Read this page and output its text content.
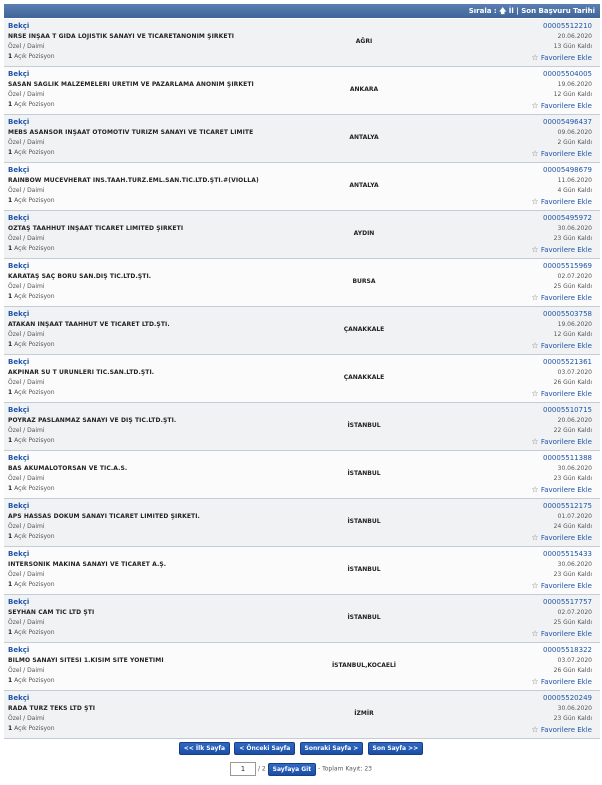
Sırala : 🡅 İl | Son Başvuru Tarihi
Bekçi
NRSE İNŞAA T GIDA LOJİSTİK SANAYİ VE TİCARETANONİM ŞİRKETİ
Özel / Daimi
1 Açık Pozisyon
AĞRI
00005512210
20.06.2020
13 Gün Kaldı
☆ Favorilere Ekle
Bekçi
SASAN SAĞLIK MALZEMELERİ ÜRETİM VE PAZARLAMA ANONİM ŞİRKETİ
Özel / Daimi
1 Açık Pozisyon
ANKARA
00005504005
19.06.2020
12 Gün Kaldı
☆ Favorilere Ekle
Bekçi
MEBS ASANSÖR İNŞAAT OTOMOTİV TURİZM SANAYİ VE TİCARET LİMİTE
Özel / Daimi
1 Açık Pozisyon
ANTALYA
00005496437
09.06.2020
2 Gün Kaldı
☆ Favorilere Ekle
Bekçi
RAINBOW MÜCEVHERAT İNS.TAAH.TURZ.EML.SAN.TİC.LTD.ŞTİ.#(VİOLLA)
Özel / Daimi
1 Açık Pozisyon
ANTALYA
00005498679
11.06.2020
4 Gün Kaldı
☆ Favorilere Ekle
Bekçi
ÖZTAŞ TAAHHÜT İNŞAAT TİCARET LİMİTED ŞİRKETİ
Özel / Daimi
1 Açık Pozisyon
AYDIN
00005495972
30.06.2020
23 Gün Kaldı
☆ Favorilere Ekle
Bekçi
KARATAŞ SAÇ BORU SAN.DIŞ TİC.LTD.ŞTİ.
Özel / Daimi
1 Açık Pozisyon
BURSA
00005515969
02.07.2020
25 Gün Kaldı
☆ Favorilere Ekle
Bekçi
ATAKAN İNŞAAT TAAHHÜT VE TİCARET LTD.ŞTİ.
Özel / Daimi
1 Açık Pozisyon
ÇANAKKALE
00005503758
19.06.2020
12 Gün Kaldı
☆ Favorilere Ekle
Bekçi
AKPINAR SÜ T ÜRÜNLERİ TİC.SAN.LTD.ŞTİ.
Özel / Daimi
1 Açık Pozisyon
ÇANAKKALE
00005521361
03.07.2020
26 Gün Kaldı
☆ Favorilere Ekle
Bekçi
POYRAZ PASLANMAZ SANAYİ VE DIŞ TİC.LTD.ŞTİ.
Özel / Daimi
1 Açık Pozisyon
İSTANBUL
00005510715
20.06.2020
22 Gün Kaldı
☆ Favorilere Ekle
Bekçi
BAS AKÜMALÖTÖRSAN VE TİC.A.S.
Özel / Daimi
1 Açık Pozisyon
İSTANBUL
00005511388
30.06.2020
23 Gün Kaldı
☆ Favorilere Ekle
Bekçi
APS HASSAS DÖKÜM SANAYİ TİCARET LİMİTED ŞİRKETİ.
Özel / Daimi
1 Açık Pozisyon
İSTANBUL
00005512175
01.07.2020
24 Gün Kaldı
☆ Favorilere Ekle
Bekçi
İNTERSONİK MAKİNA SANAYİ VE TİCARET A.Ş.
Özel / Daimi
1 Açık Pozisyon
İSTANBUL
00005515433
30.06.2020
23 Gün Kaldı
☆ Favorilere Ekle
Bekçi
SEYHAN CAM TİC LTD ŞTİ
Özel / Daimi
1 Açık Pozisyon
İSTANBUL
00005517757
02.07.2020
25 Gün Kaldı
☆ Favorilere Ekle
Bekçi
BİLMO SANAYİ SİTESİ 1.KISIM SİTE YÖNETİMİ
Özel / Daimi
1 Açık Pozisyon
İSTANBUL,KOCAELİ
00005518322
03.07.2020
26 Gün Kaldı
☆ Favorilere Ekle
Bekçi
RADA TURZ TEKS LTD ŞTİ
Özel / Daimi
1 Açık Pozisyon
İZMİR
00005520249
30.06.2020
23 Gün Kaldı
☆ Favorilere Ekle
<< İlk Sayfa < Önceki Sayfa Sonraki Sayfa > Son Sayfa >>
1 / 2 Sayfaya Git - Toplam Kayıt: 23
